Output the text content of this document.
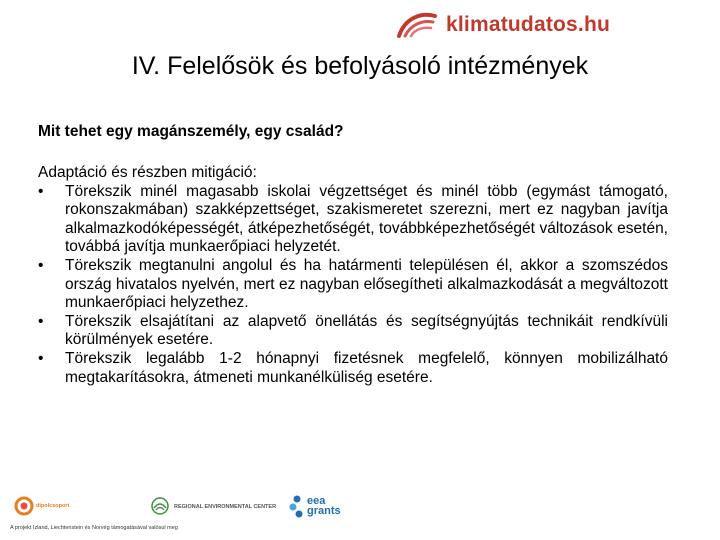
klimatudatos.hu
IV. Felelősök és befolyásoló intézmények

Mit tehet egy magánszemély, egy család?

Adaptáció és részben mitigáció:

• Törekszik minél magasabb iskolai végzettséget és minél több (egymást támogató, rokonszakmában) szakképzettséget, szakismeretet szerezni, mert ez nagyban javítja alkalmazkodóképességét, átképezhetőségét, továbbképezhetőségét változások esetén, továbbá javítja munkaerőpiaci helyzetét.
• Törekszik megtanulni angolul és ha határmenti településen él, akkor a szomszédos ország hivatalos nyelvén, mert ez nagyban elősegítheti alkalmazkodását a megváltozott munkaerőpiaci helyzethez.
• Törekszik elsajátítani az alapvető önellátás és segítségnyújtás technikáit rendkívüli körülmények esetére.
• Törekszik legalább 1-2 hónapnyi fizetésnek megfelelő, könnyen mobilizálható megtakarításokra, átmeneti munkanélküliség esetére.
dipolcsoport	REGIONAL ENVIRONMENTAL CENTER	eea
grants
A projekt Izland, Liechtenstein és Norvég támogatásával valósul meg
